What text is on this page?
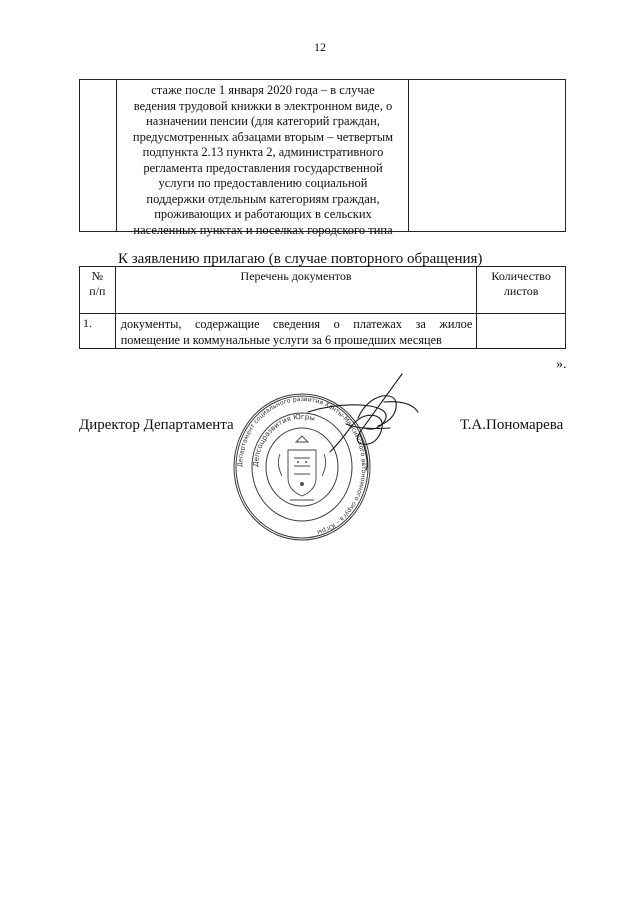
12
стаже после 1 января 2020 года – в случае
ведения трудовой книжки в электронном виде, о
назначении пенсии (для категорий граждан,
предусмотренных абзацами вторым – четвертым
подпункта 2.13 пункта 2, административного
регламента предоставления государственной
услуги по предоставлению социальной
поддержки отдельным категориям граждан,
проживающих и работающих в сельских
населенных пунктах и поселках городского типа
К заявлению прилагаю (в случае повторного обращения)
№
п/п	Перечень документов	Количество
листов
1.	документы, содержащие сведения о платежах за жилое
помещение и коммунальные услуги за 6 прошедших месяцев	

».
Директор Департамента	Т.А.Пономарева
Департамент социального развития Ханты-Мансийского автономного округа – Югры
Депсоцразвития Югры
